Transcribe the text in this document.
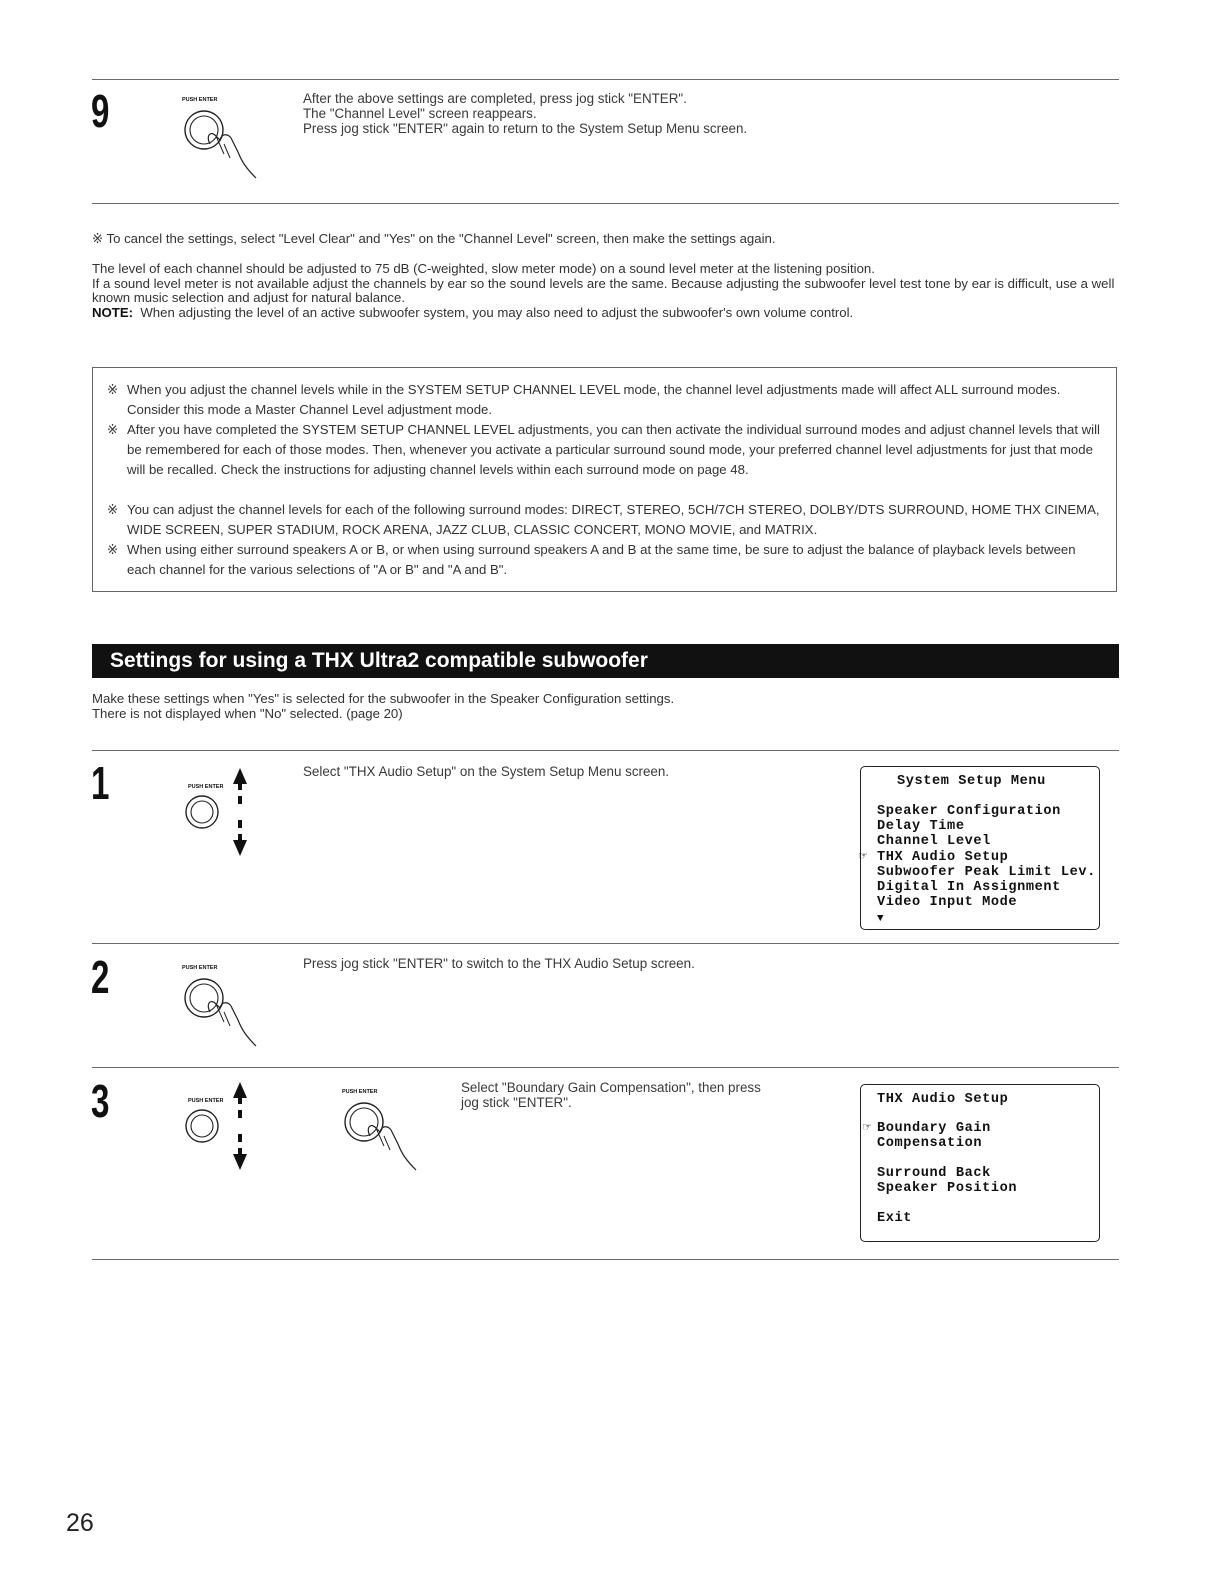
9	PUSH ENTER	After the above settings are completed, press jog stick "ENTER".

The "Channel Level" screen reappears.

Press jog stick "ENTER" again to return to the System Setup Menu screen.

※ To cancel the settings, select "Level Clear" and "Yes" on the "Channel Level" screen, then make the settings again.

The level of each channel should be adjusted to 75 dB (C-weighted, slow meter mode) on a sound level meter at the listening position.

If a sound level meter is not available adjust the channels by ear so the sound levels are the same. Because adjusting the subwoofer level test tone by ear is difficult, use a well known music selection and adjust for natural balance.

NOTE: When adjusting the level of an active subwoofer system, you may also need to adjust the subwoofer's own volume control.

※ When you adjust the channel levels while in the SYSTEM SETUP CHANNEL LEVEL mode, the channel level adjustments made will affect ALL surround modes. Consider this mode a Master Channel Level adjustment mode.
※ After you have completed the SYSTEM SETUP CHANNEL LEVEL adjustments, you can then activate the individual surround modes and adjust channel levels that will be remembered for each of those modes. Then, whenever you activate a particular surround sound mode, your preferred channel level adjustments for just that mode will be recalled. Check the instructions for adjusting channel levels within each surround mode on page 48.
※ You can adjust the channel levels for each of the following surround modes: DIRECT, STEREO, 5CH/7CH STEREO, DOLBY/DTS SURROUND, HOME THX CINEMA, WIDE SCREEN, SUPER STADIUM, ROCK ARENA, JAZZ CLUB, CLASSIC CONCERT, MONO MOVIE, and MATRIX.
※ When using either surround speakers A or B, or when using surround speakers A and B at the same time, be sure to adjust the balance of playback levels between each channel for the various selections of "A or B" and "A and B".
Settings for using a THX Ultra2 compatible subwoofer

Make these settings when "Yes" is selected for the subwoofer in the Speaker Configuration settings.

There is not displayed when "No" selected. (page 20)

1	PUSH ENTER
Select "THX Audio Setup" on the System Setup Menu screen.
System Setup Menu
Speaker Configuration
Delay Time
Channel Level
☞ THX Audio Setup
Subwoofer Peak Limit Lev.
Digital In Assignment
Video Input Mode
▼
2	PUSH ENTER	Press jog stick "ENTER" to switch to the THX Audio Setup screen.
3	PUSH ENTER
PUSH ENTER	Select "Boundary Gain Compensation", then press

jog stick "ENTER".	THX Audio Setup
☞ Boundary Gain
Compensation
Surround Back
Speaker Position
Exit
26
